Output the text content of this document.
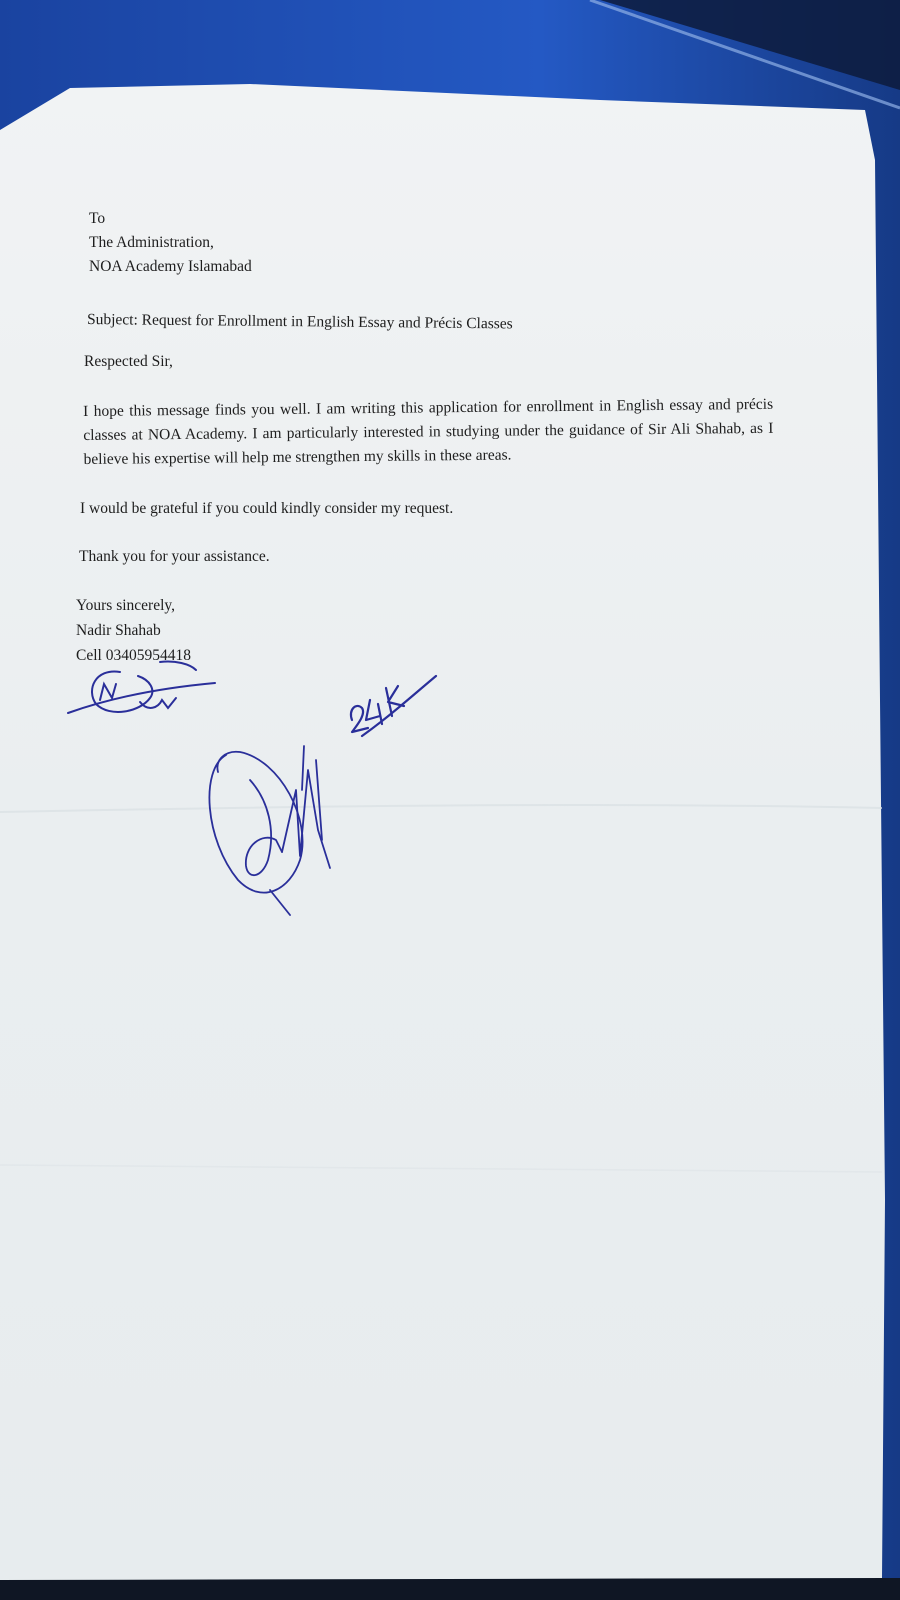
To
The Administration,
NOA Academy Islamabad
Subject: Request for Enrollment in English Essay and Précis Classes
Respected Sir,
I hope this message finds you well. I am writing this application for enrollment in English essay and précis classes at NOA Academy. I am particularly interested in studying under the guidance of Sir Ali Shahab, as I believe his expertise will help me strengthen my skills in these areas.
I would be grateful if you could kindly consider my request.
Thank you for your assistance.
Yours sincerely,
Nadir Shahab
Cell 03405954418
